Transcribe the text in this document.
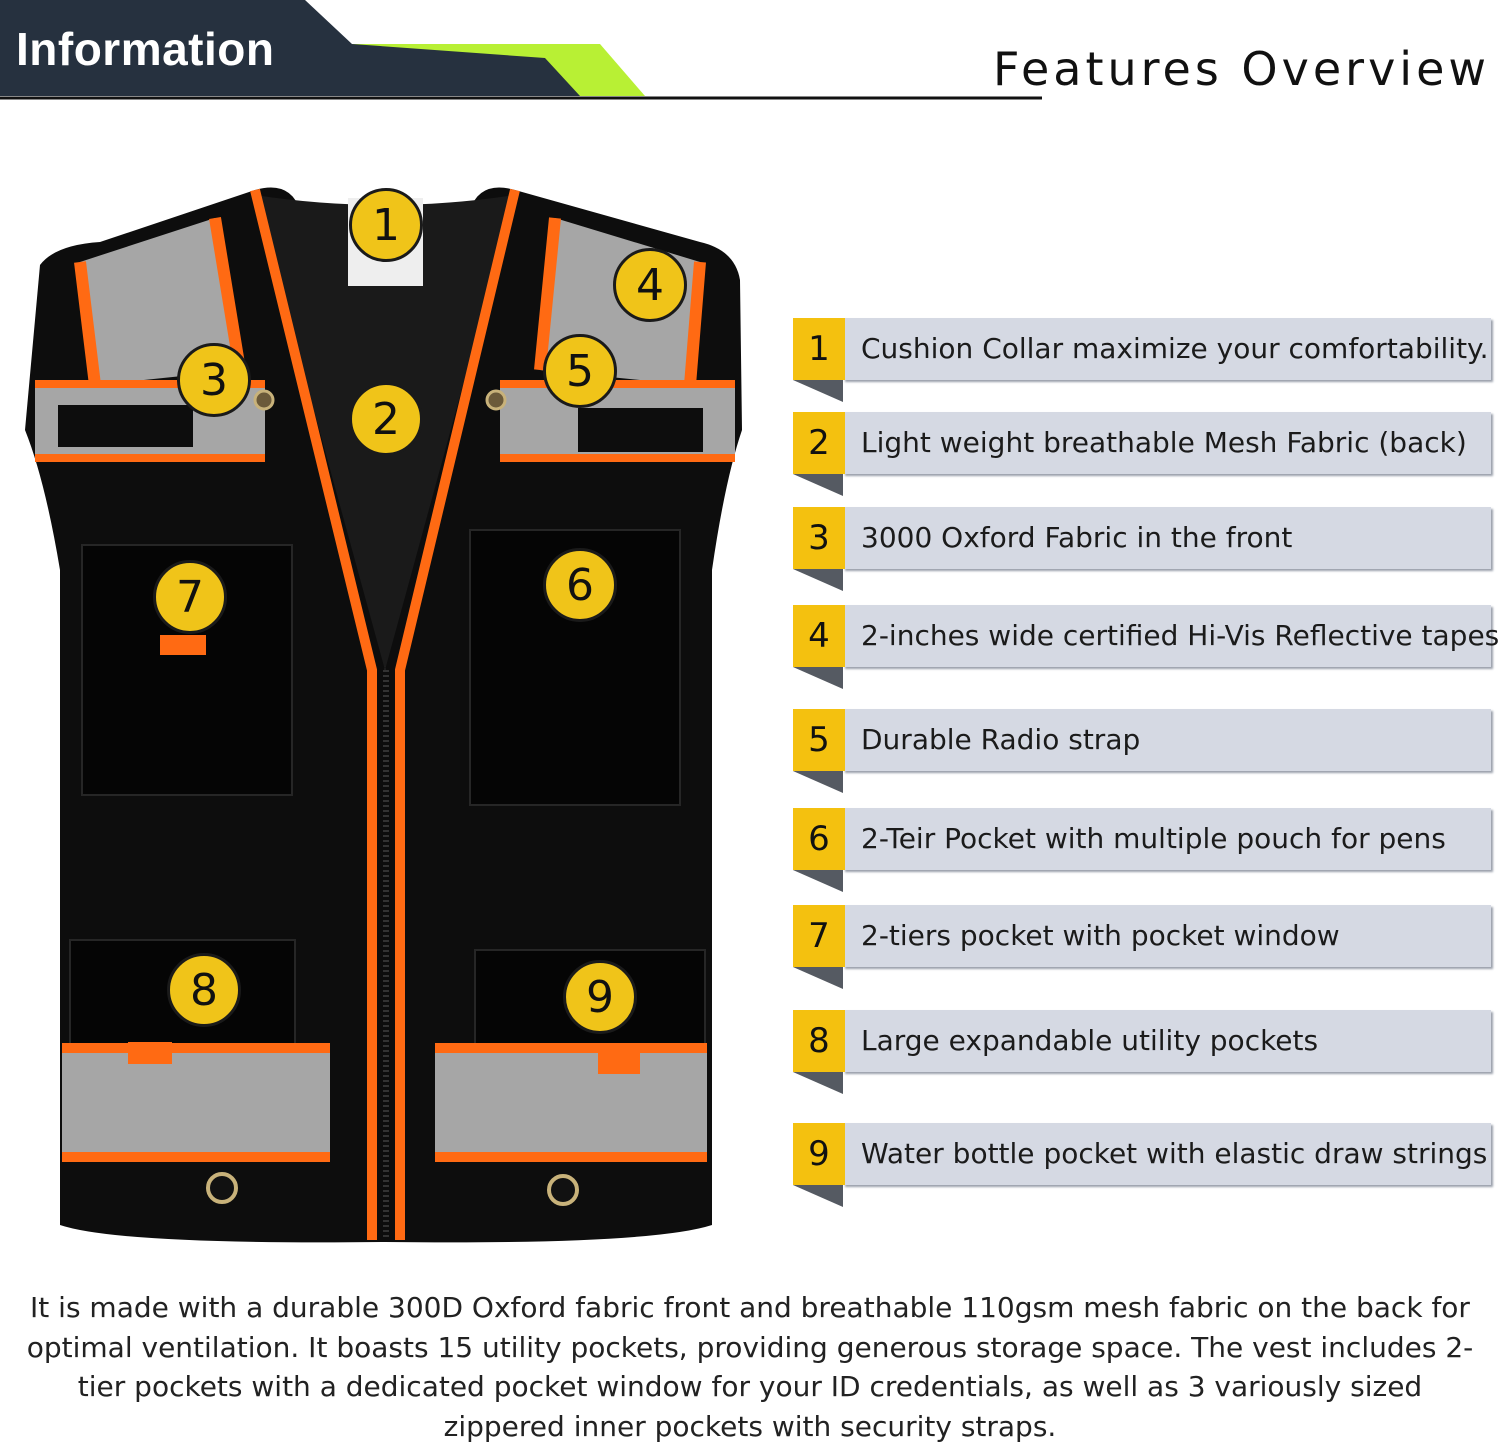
Information	Features Overview
1
2
3
4
5
6
7
8	9
1	Cushion Collar maximize your comfortability.
2	Light weight breathable Mesh Fabric (back)
3	3000 Oxford Fabric in the front
4	2-inches wide certified Hi-Vis Reflective tapes
5	Durable Radio strap
6	2-Teir Pocket with multiple pouch for pens
7	2-tiers pocket with pocket window
8	Large expandable utility pockets
9	Water bottle pocket with elastic draw strings
It is made with a durable 300D Oxford fabric front and breathable 110gsm mesh fabric on the back for optimal ventilation. It boasts 15 utility pockets, providing generous storage space. The vest includes 2-tier pockets with a dedicated pocket window for your ID credentials, as well as 3 variously sized zippered inner pockets with security straps.
